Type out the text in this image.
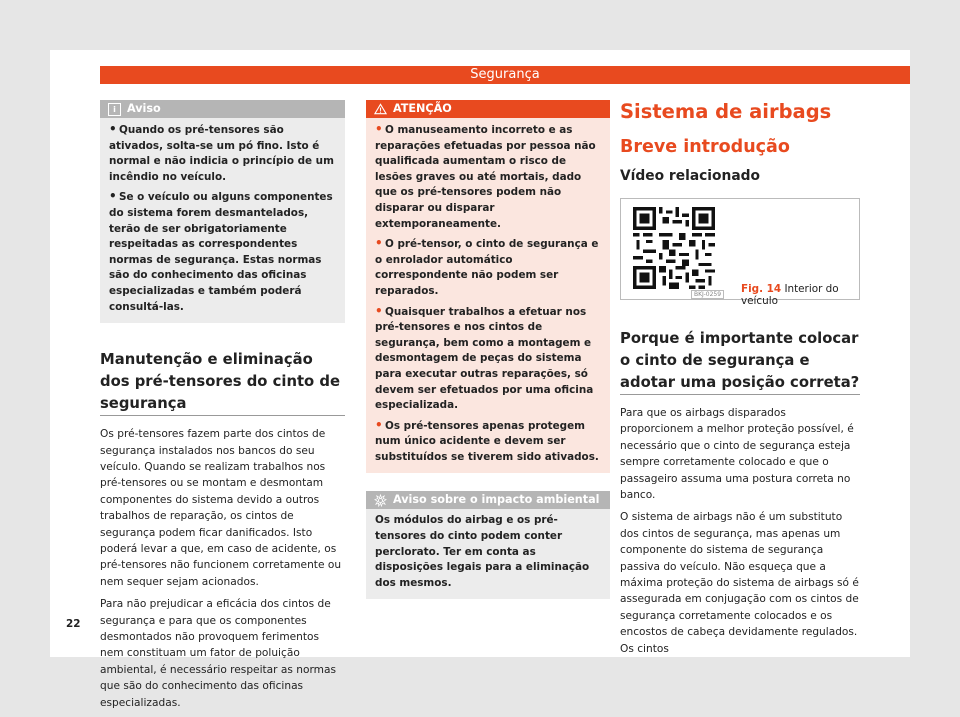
Segurança
i Aviso

• Quando os pré-tensores são ativados, solta-se um pó fino. Isto é normal e não indicia o princípio de um incêndio no veículo.

• Se o veículo ou alguns componentes do sistema forem desmantelados, terão de ser obrigatoriamente respeitadas as correspondentes normas de segurança. Estas normas são do conhecimento das oficinas especializadas e também poderá consultá-las.

Manutenção e eliminação dos pré-tensores do cinto de segurança

Os pré-tensores fazem parte dos cintos de segurança instalados nos bancos do seu veículo. Quando se realizam trabalhos nos pré-tensores ou se montam e desmontam componentes do sistema devido a outros trabalhos de reparação, os cintos de segurança podem ficar danificados. Isto poderá levar a que, em caso de acidente, os pré-tensores não funcionem corretamente ou nem sequer sejam acionados.

Para não prejudicar a eficácia dos cintos de segurança e para que os componentes desmontados não provoquem ferimentos nem constituam um fator de poluição ambiental, é necessário respeitar as normas que são do conhecimento das oficinas especializadas.

ATENÇÃO

• O manuseamento incorreto e as reparações efetuadas por pessoa não qualificada aumentam o risco de lesões graves ou até mortais, dado que os pré-tensores podem não disparar ou disparar extemporaneamente.

• O pré-tensor, o cinto de segurança e o enrolador automático correspondente não podem ser reparados.

• Quaisquer trabalhos a efetuar nos pré-tensores e nos cintos de segurança, bem como a montagem e desmontagem de peças do sistema para executar outras reparações, só devem ser efetuados por uma oficina especializada.

• Os pré-tensores apenas protegem num único acidente e devem ser substituídos se tiverem sido ativados.

Aviso sobre o impacto ambiental

Os módulos do airbag e os pré-tensores do cinto podem conter perclorato. Ter em conta as disposições legais para a eliminação dos mesmos.

Sistema de airbags
Breve introdução
Vídeo relacionado
BKJ-0259 Fig. 14 Interior do veículo
Porque é importante colocar o cinto de segurança e adotar uma posição correta?

Para que os airbags disparados proporcionem a melhor proteção possível, é necessário que o cinto de segurança esteja sempre corretamente colocado e que o passageiro assuma uma postura correta no banco.

O sistema de airbags não é um substituto dos cintos de segurança, mas apenas um componente do sistema de segurança passiva do veículo. Não esqueça que a máxima proteção do sistema de airbags só é assegurada em conjugação com os cintos de segurança corretamente colocados e os encostos de cabeça devidamente regulados. Os cintos

22
